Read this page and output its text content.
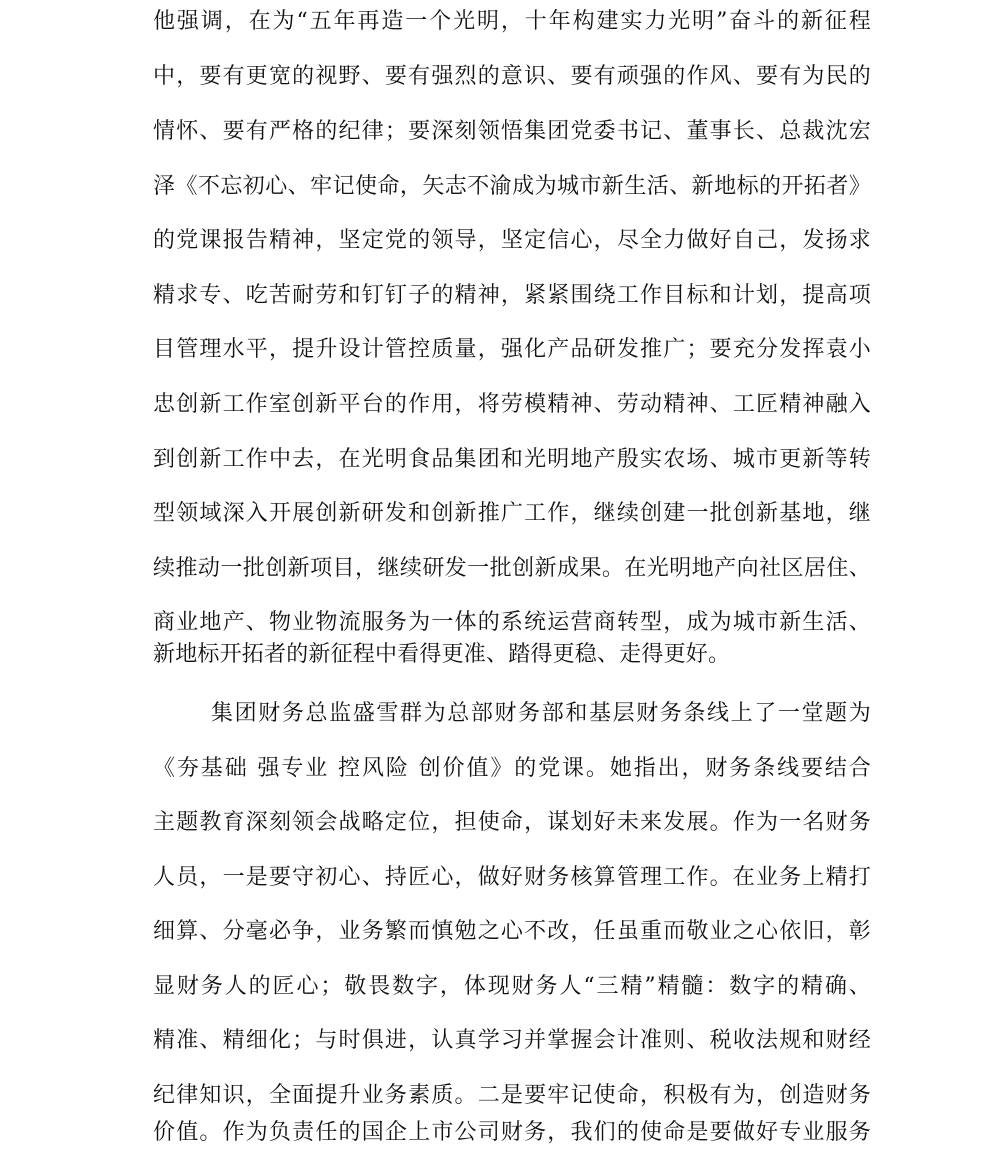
他强调，在为“五年再造一个光明，十年构建实力光明”奋斗的新征程
中，要有更宽的视野、要有强烈的意识、要有顽强的作风、要有为民的
情怀、要有严格的纪律；要深刻领悟集团党委书记、董事长、总裁沈宏
泽《不忘初心、牢记使命，矢志不渝成为城市新生活、新地标的开拓者》
的党课报告精神，坚定党的领导，坚定信心，尽全力做好自己，发扬求
精求专、吃苦耐劳和钉钉子的精神，紧紧围绕工作目标和计划，提高项
目管理水平，提升设计管控质量，强化产品研发推广；要充分发挥袁小
忠创新工作室创新平台的作用，将劳模精神、劳动精神、工匠精神融入
到创新工作中去，在光明食品集团和光明地产殷实农场、城市更新等转
型领域深入开展创新研发和创新推广工作，继续创建一批创新基地，继
续推动一批创新项目，继续研发一批创新成果。在光明地产向社区居住、
商业地产、物业物流服务为一体的系统运营商转型，成为城市新生活、
新地标开拓者的新征程中看得更准、踏得更稳、走得更好。
集团财务总监盛雪群为总部财务部和基层财务条线上了一堂题为
《夯基础 强专业 控风险 创价值》的党课。她指出，财务条线要结合
主题教育深刻领会战略定位，担使命，谋划好未来发展。作为一名财务
人员，一是要守初心、持匠心，做好财务核算管理工作。在业务上精打
细算、分毫必争，业务繁而慎勉之心不改，任虽重而敬业之心依旧，彰
显财务人的匠心；敬畏数字，体现财务人“三精”精髓：数字的精确、
精准、精细化；与时俱进，认真学习并掌握会计准则、税收法规和财经
纪律知识，全面提升业务素质。二是要牢记使命，积极有为，创造财务
价值。作为负责任的国企上市公司财务，我们的使命是要做好专业服务
